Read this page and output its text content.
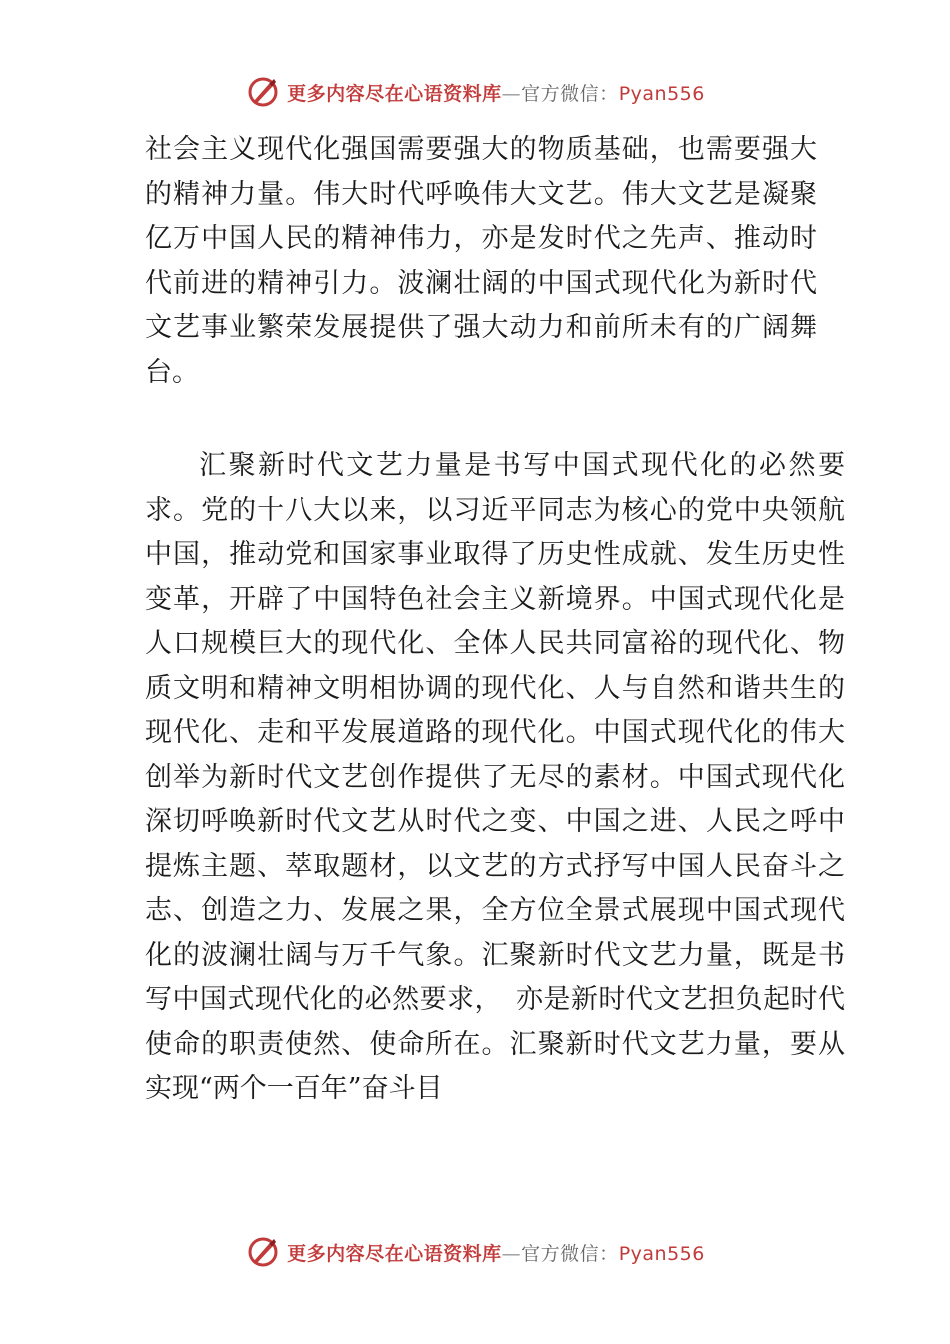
更多内容尽在心语资料库—官方微信：Pyan556

社会主义现代化强国需要强大的物质基础，也需要强大的精神力量。伟大时代呼唤伟大文艺。伟大文艺是凝聚亿万中国人民的精神伟力，亦是发时代之先声、推动时代前进的精神引力。波澜壮阔的中国式现代化为新时代文艺事业繁荣发展提供了强大动力和前所未有的广阔舞台。

汇聚新时代文艺力量是书写中国式现代化的必然要求。党的十八大以来，以习近平同志为核心的党中央领航中国，推动党和国家事业取得了历史性成就、发生历史性变革，开辟了中国特色社会主义新境界。中国式现代化是人口规模巨大的现代化、全体人民共同富裕的现代化、物质文明和精神文明相协调的现代化、人与自然和谐共生的现代化、走和平发展道路的现代化。中国式现代化的伟大创举为新时代文艺创作提供了无尽的素材。中国式现代化深切呼唤新时代文艺从时代之变、中国之进、人民之呼中提炼主题、萃取题材，以文艺的方式抒写中国人民奋斗之志、创造之力、发展之果，全方位全景式展现中国式现代化的波澜壮阔与万千气象。汇聚新时代文艺力量，既是书写中国式现代化的必然要求，　亦是新时代文艺担负起时代使命的职责使然、使命所在。汇聚新时代文艺力量，要从实现“两个一百年”奋斗目

更多内容尽在心语资料库—官方微信：Pyan556
